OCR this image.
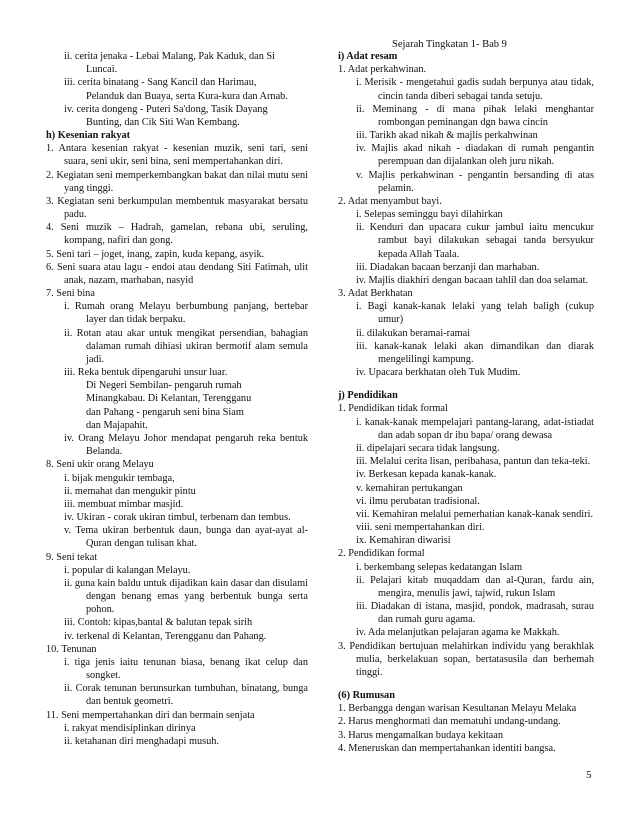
Sejarah Tingkatan 1- Bab 9
ii. cerita jenaka - Lebai Malang, Pak Kaduk, dan Si
Luncai.
iii. cerita binatang - Sang Kancil dan Harimau,
Pelanduk dan Buaya, serta Kura-kura dan Arnab.
iv. cerita dongeng - Puteri Sa'dong, Tasik Dayang
Bunting, dan Cik Siti Wan Kembang.
h) Kesenian rakyat
1. Antara kesenian rakyat - kesenian muzik, seni tari, seni suara, seni ukir, seni bina, seni mempertahankan diri.
2. Kegiatan seni memperkembangkan bakat dan nilai mutu seni yang tinggi.
3. Kegiatan seni berkumpulan membentuk masyarakat bersatu padu.
4. Seni muzik – Hadrah, gamelan, rebana ubi, seruling, kompang, nafiri dan gong.
5. Seni tari – joget, inang, zapin, kuda kepang, asyik.
6. Seni suara atau lagu - endoi atau dendang Siti Fatimah, ulit anak, nazam, marhaban, nasyid
7. Seni bina
i. Rumah orang Melayu berbumbung panjang, bertebar layer dan tidak berpaku.
ii. Rotan atau akar untuk mengikat persendian, bahagian dalaman rumah dihiasi ukiran bermotif alam semula jadi.
iii. Reka bentuk dipengaruhi unsur luar.
Di Negeri Sembilan- pengaruh rumah
Minangkabau. Di Kelantan, Terengganu
dan Pahang - pengaruh seni bina Siam
dan Majapahit.
iv. Orang Melayu Johor mendapat pengaruh reka bentuk Belanda.
8. Seni ukir orang Melayu
i. bijak mengukir tembaga,
ii. memahat dan mengukir pintu
iii. membuat mimbar masjid.
iv. Ukiran - corak ukiran timbul, terbenam dan tembus.
v. Tema ukiran berbentuk daun, bunga dan ayat-ayat al-Quran dengan tulisan khat.
9. Seni tekat
i. popular di kalangan Melayu.
ii. guna kain baldu untuk dijadikan kain dasar dan disulami dengan benang emas yang berbentuk bunga serta pohon.
iii. Contoh: kipas,bantal & balutan tepak sirih
iv. terkenal di Kelantan, Terengganu dan Pahang.
10. Tenunan
i. tiga jenis iaitu tenunan biasa, benang ikat celup dan songket.
ii. Corak tenunan berunsurkan tumbuhan, binatang, bunga dan bentuk geometri.
11. Seni mempertahankan diri dan bermain senjata
i. rakyat mendisiplinkan dirinya
ii. ketahanan diri menghadapi musuh.
i) Adat resam
1. Adat perkahwinan.
i. Merisik - mengetahui gadis sudah berpunya atau tidak, cincin tanda diberi sebagai tanda setuju.
ii. Meminang - di mana pihak lelaki menghantar rombongan peminangan dgn bawa cincin
iii. Tarikh akad nikah & majlis perkahwinan
iv. Majlis akad nikah - diadakan di rumah pengantin perempuan dan dijalankan oleh juru nikah.
v. Majlis perkahwinan - pengantin bersanding di atas pelamin.
2. Adat menyambut bayi.
i. Selepas seminggu bayi dilahirkan
ii. Kenduri dan upacara cukur jambul iaitu mencukur rambut bayi dilakukan sebagai tanda bersyukur kepada Allah Taala.
iii. Diadakan bacaan berzanji dan marhaban.
iv. Majlis diakhiri dengan bacaan tahlil dan doa selamat.
3. Adat Berkhatan
i. Bagi kanak-kanak lelaki yang telah baligh (cukup umur)
ii. dilakukan beramai-ramai
iii. kanak-kanak lelaki akan dimandikan dan diarak mengelilingi kampung.
iv. Upacara berkhatan oleh Tuk Mudim.
j) Pendidikan
1. Pendidikan tidak formal
i. kanak-kanak mempelajari pantang-larang, adat-istiadat dan adab sopan dr ibu bapa/ orang dewasa
ii. dipelajari secara tidak langsung.
iii. Melalui cerita lisan, peribahasa, pantun dan teka-teki.
iv. Berkesan kepada kanak-kanak.
v. kemahiran pertukangan
vi. ilmu perubatan tradisional.
vii. Kemahiran melalui pemerhatian kanak-kanak sendiri.
viii. seni mempertahankan diri.
ix. Kemahiran diwarisi
2. Pendidikan formal
i. berkembang selepas kedatangan Islam
ii. Pelajari kitab muqaddam dan al-Quran, fardu ain, mengira, menulis jawi, tajwid, rukun Islam
iii. Diadakan di istana, masjid, pondok, madrasah, surau dan rumah guru agama.
iv. Ada melanjutkan pelajaran agama ke Makkah.
3. Pendidikan bertujuan melahirkan individu yang berakhlak mulia, berkelakuan sopan, bertatasusila dan berhemah tinggi.
(6) Rumusan
1. Berbangga dengan warisan Kesultanan Melayu Melaka
2. Harus menghormati dan mematuhi undang-undang.
3. Harus mengamalkan budaya kekitaan
4. Meneruskan dan mempertahankan identiti bangsa.
5
